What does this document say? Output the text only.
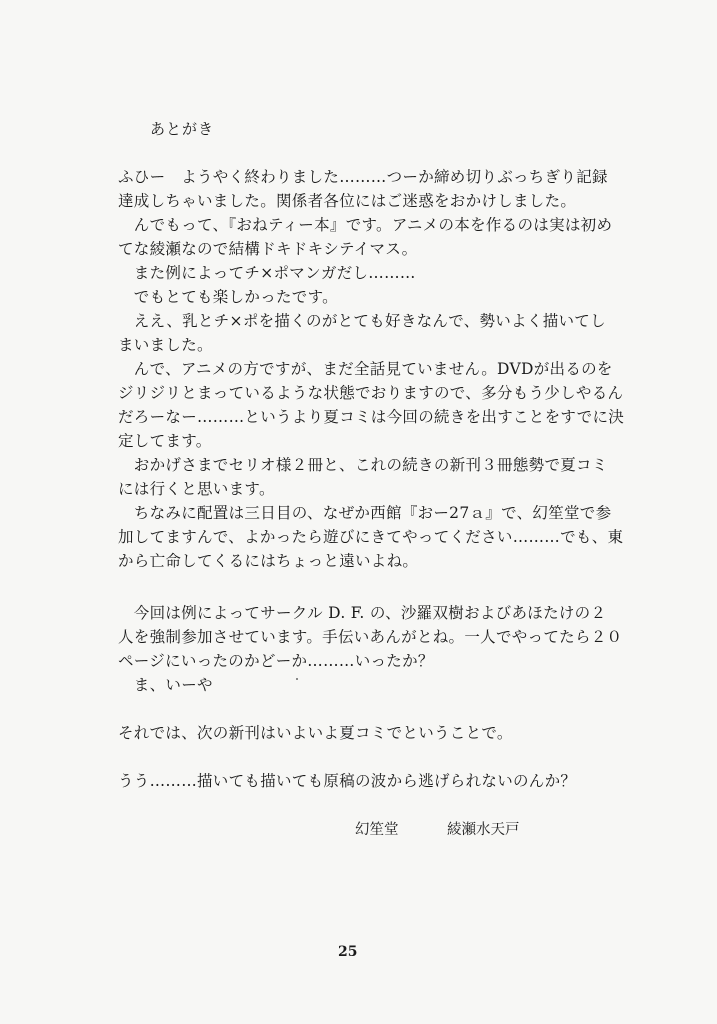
あとがき
ふひー　ようやく終わりました………つーか締め切りぶっちぎり記録
達成しちゃいました。関係者各位にはご迷惑をおかけしました。
　んでもって、『おねティー本』です。アニメの本を作るのは実は初め
てな綾瀬なので結構ドキドキシテイマス。
　また例によってチ×ポマンガだし………
　でもとても楽しかったです。
　ええ、乳とチ×ポを描くのがとても好きなんで、勢いよく描いてし
まいました。
　んで、アニメの方ですが、まだ全話見ていません。DVDが出るのを
ジリジリとまっているような状態でおりますので、多分もう少しやるん
だろーなー………というより夏コミは今回の続きを出すことをすでに決
定してます。
　おかげさまでセリオ様２冊と、これの続きの新刊３冊態勢で夏コミ
には行くと思います。
　ちなみに配置は三日目の、なぜか西館『おー27ａ』で、幻笙堂で参
加してますんで、よかったら遊びにきてやってください………でも、東
から亡命してくるにはちょっと遠いよね。
　今回は例によってサークル D. F. の、沙羅双樹およびあほたけの２
人を強制参加させています。手伝いあんがとね。一人でやってたら２０
ページにいったのかどーか………いったか？
　ま、いーや
それでは、次の新刊はいよいよ夏コミでということで。
うう………描いても描いても原稿の波から逃げられないのんか？
幻笙堂	綾瀬水天戸
25
